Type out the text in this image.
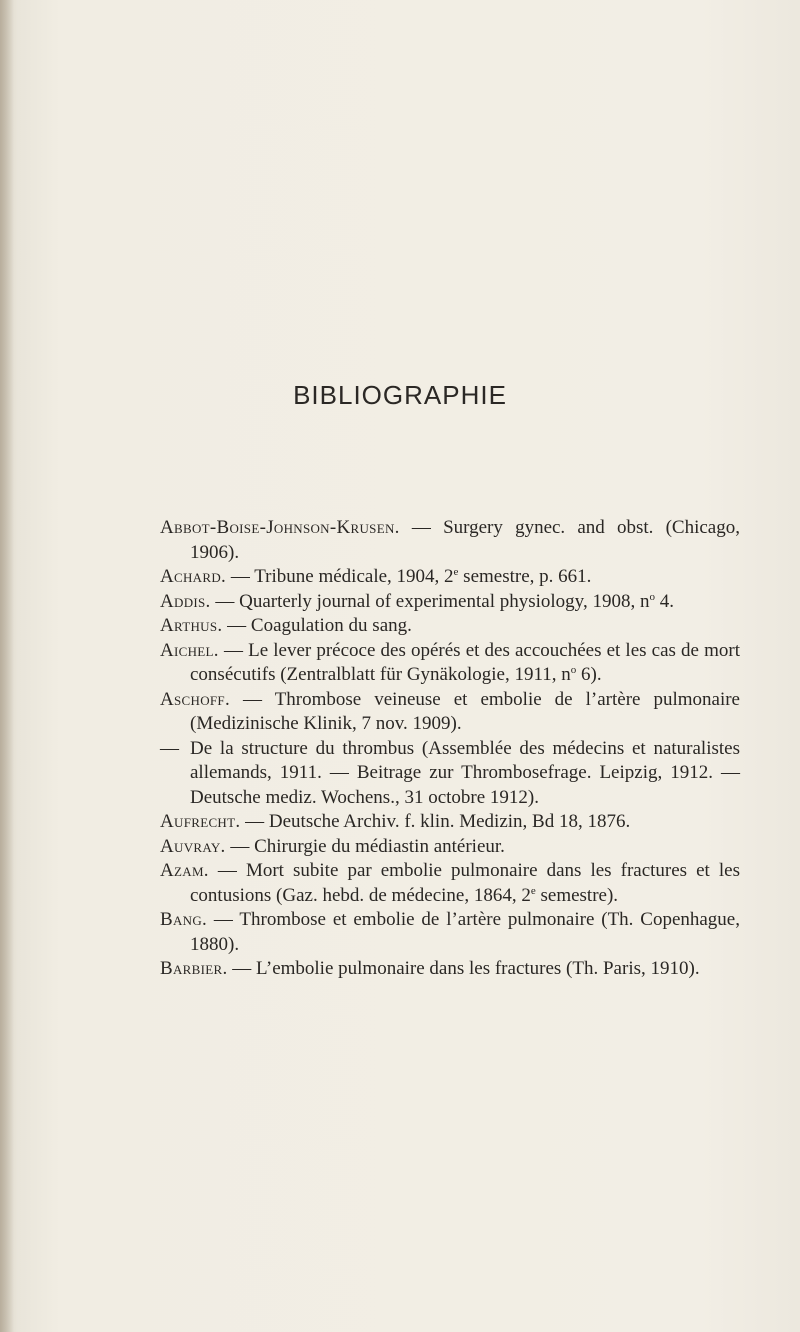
BIBLIOGRAPHIE
Abbot-Boise-Johnson-Krusen. — Surgery gynec. and obst. (Chicago, 1906).
Achard. — Tribune médicale, 1904, 2e semestre, p. 661.
Addis. — Quarterly journal of experimental physiology, 1908, $n^o$ 4.
Arthus. — Coagulation du sang.
Aichel. — Le lever précoce des opérés et des accouchées et les cas de mort consécutifs (Zentralblatt für Gynäkologie, 1911, $n^o$ 6).
Aschoff. — Thrombose veineuse et embolie de l’artère pulmonaire (Medizinische Klinik, 7 nov. 1909).
— De la structure du thrombus (Assemblée des médecins et naturalistes allemands, 1911. — Beitrage zur Thrombosefrage. Leipzig, 1912. — Deutsche mediz. Wochens., 31 octobre 1912).
Aufrecht. — Deutsche Archiv. f. klin. Medizin, Bd 18, 1876.
Auvray. — Chirurgie du médiastin antérieur.
Azam. — Mort subite par embolie pulmonaire dans les fractures et les contusions (Gaz. hebd. de médecine, 1864, 2e semestre).
Bang. — Thrombose et embolie de l’artère pulmonaire (Th. Copenhague, 1880).
Barbier. — L’embolie pulmonaire dans les fractures (Th. Paris, 1910).
